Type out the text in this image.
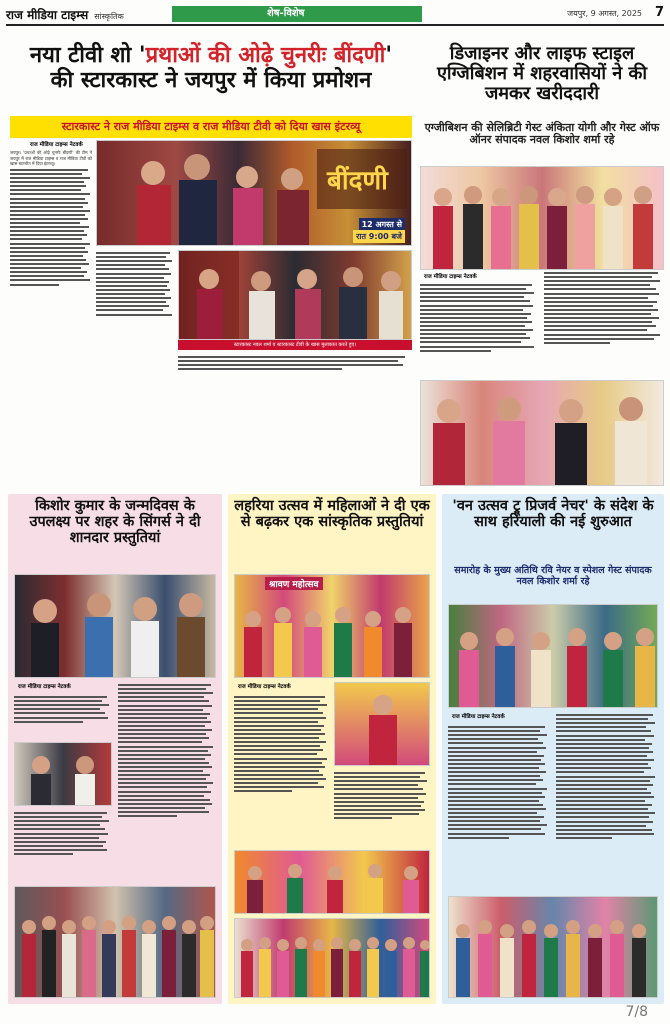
राज मीडिया टाइम्स सांस्कृतिक	शेष-विशेष	जयपुर, 9 अगस्त, 2025 7
नया टीवी शो 'प्रथाओं की ओढ़े चुनरीः बींदणी'
की स्टारकास्ट ने जयपुर में किया प्रमोशन
स्टारकास्ट ने राज मीडिया टाइम्स व राज मीडिया टीवी को दिया खास इंटरव्यू
राज मीडिया टाइम्स नेटवर्क
जयपुर। 'प्रथाओं की ओढ़े चुनरीः बींदणी' की टीम ने जयपुर में राज मीडिया टाइम्स व राज मीडिया टीवी को खास बातचीत में दिया इंटरव्यू।
बींदणी
12 अगस्त से
रात 9:00 बजे
स्टारकास्ट नवल शर्मा व स्टारकास्ट टीवी के खास मुलाकात करते हुए।
डिजाइनर और लाइफ स्टाइल एग्जिबिशन में शहरवासियों ने की जमकर खरीददारी
एग्जीबिशन की सेलिब्रिटी गेस्ट अंकिता योगी और गेस्ट ऑफ ऑनर संपादक नवल किशोर शर्मा रहे
राज मीडिया टाइम्स नेटवर्क
किशोर कुमार के जन्मदिवस के उपलक्ष्य पर शहर के सिंगर्स ने दी शानदार प्रस्तुतियां
राज मीडिया टाइम्स नेटवर्क
लहरिया उत्सव में महिलाओं ने दी एक से बढ़कर एक सांस्कृतिक प्रस्तुतियां
श्रावण महोत्सव
राज मीडिया टाइम्स नेटवर्क
'वन उत्सव ट्रू प्रिजर्व नेचर' के संदेश के साथ हरियाली की नई शुरुआत
समारोह के मुख्य अतिथि रवि नेयर व स्पेशल गेस्ट संपादक नवल किशोर शर्मा रहे
राज मीडिया टाइम्स नेटवर्क
7/8
